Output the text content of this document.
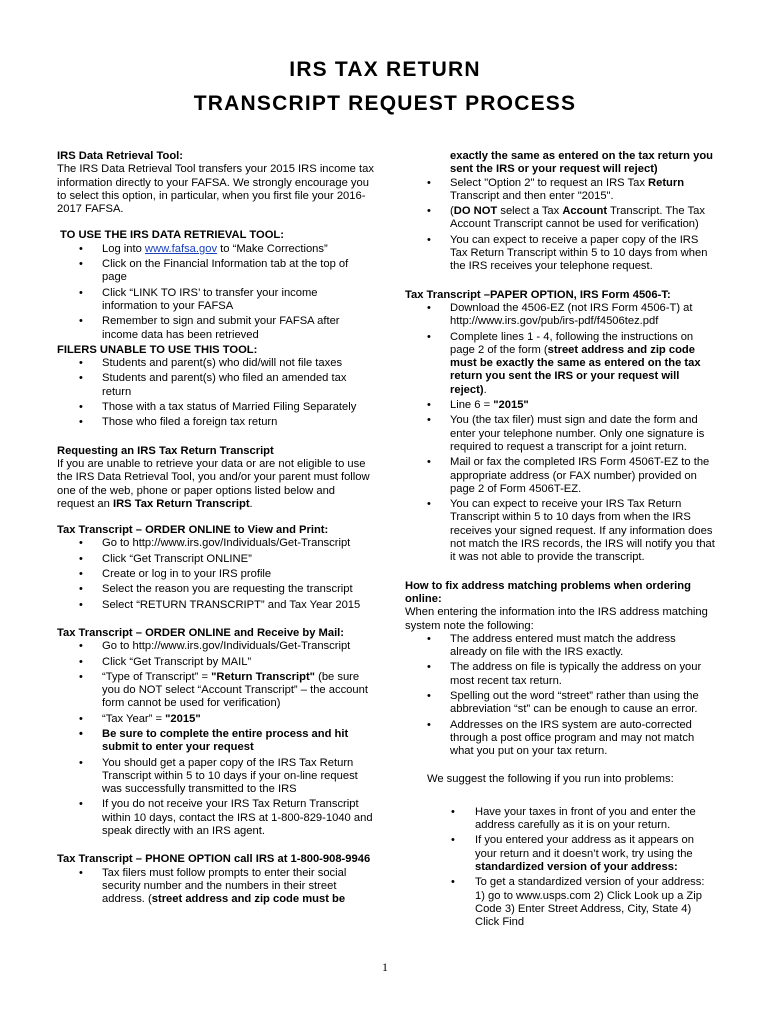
IRS TAX RETURN
TRANSCRIPT REQUEST PROCESS

IRS Data Retrieval Tool:

The IRS Data Retrieval Tool transfers your 2015 IRS income tax information directly to your FAFSA. We strongly encourage you to select this option, in particular, when you first file your 2016-2017 FAFSA.

TO USE THE IRS DATA RETRIEVAL TOOL:

• Log into www.fafsa.gov to “Make Corrections”
• Click on the Financial Information tab at the top of page
• Click “LINK TO IRS’ to transfer your income information to your FAFSA
• Remember to sign and submit your FAFSA after income data has been retrieved

FILERS UNABLE TO USE THIS TOOL:

• Students and parent(s) who did/will not file taxes
• Students and parent(s) who filed an amended tax return
• Those with a tax status of Married Filing Separately
• Those who filed a foreign tax return

Requesting an IRS Tax Return Transcript

If you are unable to retrieve your data or are not eligible to use the IRS Data Retrieval Tool, you and/or your parent must follow one of the web, phone or paper options listed below and request an IRS Tax Return Transcript.

Tax Transcript – ORDER ONLINE to View and Print:

• Go to http://www.irs.gov/Individuals/Get-Transcript
• Click “Get Transcript ONLINE”
• Create or log in to your IRS profile
• Select the reason you are requesting the transcript
• Select “RETURN TRANSCRIPT” and Tax Year 2015

Tax Transcript – ORDER ONLINE and Receive by Mail:

• Go to http://www.irs.gov/Individuals/Get-Transcript
• Click “Get Transcript by MAIL”
• “Type of Transcript” = "Return Transcript" (be sure you do NOT select “Account Transcript” – the account form cannot be used for verification)
• “Tax Year” = "2015"
• Be sure to complete the entire process and hit submit to enter your request
• You should get a paper copy of the IRS Tax Return Transcript within 5 to 10 days if your on-line request was successfully transmitted to the IRS
• If you do not receive your IRS Tax Return Transcript within 10 days, contact the IRS at 1-800-829-1040 and speak directly with an IRS agent.

Tax Transcript – PHONE OPTION call IRS at 1-800-908-9946

• Tax filers must follow prompts to enter their social security number and the numbers in their street address. (street address and zip code must be

exactly the same as entered on the tax return you sent the IRS or your request will reject)

• Select "Option 2" to request an IRS Tax Return Transcript and then enter "2015".
• (DO NOT select a Tax Account Transcript. The Tax Account Transcript cannot be used for verification)
• You can expect to receive a paper copy of the IRS Tax Return Transcript within 5 to 10 days from when the IRS receives your telephone request.

Tax Transcript –PAPER OPTION, IRS Form 4506-T:

• Download the 4506-EZ (not IRS Form 4506-T) at http://www.irs.gov/pub/irs-pdf/f4506tez.pdf
• Complete lines 1 - 4, following the instructions on page 2 of the form (street address and zip code must be exactly the same as entered on the tax return you sent the IRS or your request will reject).
• Line 6 = "2015"
• You (the tax filer) must sign and date the form and enter your telephone number. Only one signature is required to request a transcript for a joint return.
• Mail or fax the completed IRS Form 4506T-EZ to the appropriate address (or FAX number) provided on page 2 of Form 4506T-EZ.
• You can expect to receive your IRS Tax Return Transcript within 5 to 10 days from when the IRS receives your signed request. If any information does not match the IRS records, the IRS will notify you that it was not able to provide the transcript.

How to fix address matching problems when ordering online:

When entering the information into the IRS address matching system note the following:

• The address entered must match the address already on file with the IRS exactly.
• The address on file is typically the address on your most recent tax return.
• Spelling out the word “street” rather than using the abbreviation “st” can be enough to cause an error.
• Addresses on the IRS system are auto-corrected through a post office program and may not match what you put on your tax return.

We suggest the following if you run into problems:

• Have your taxes in front of you and enter the address carefully as it is on your return.
• If you entered your address as it appears on your return and it doesn’t work, try using the standardized version of your address:
• To get a standardized version of your address: 1) go to www.usps.com 2) Click Look up a Zip Code 3) Enter Street Address, City, State 4) Click Find
1
